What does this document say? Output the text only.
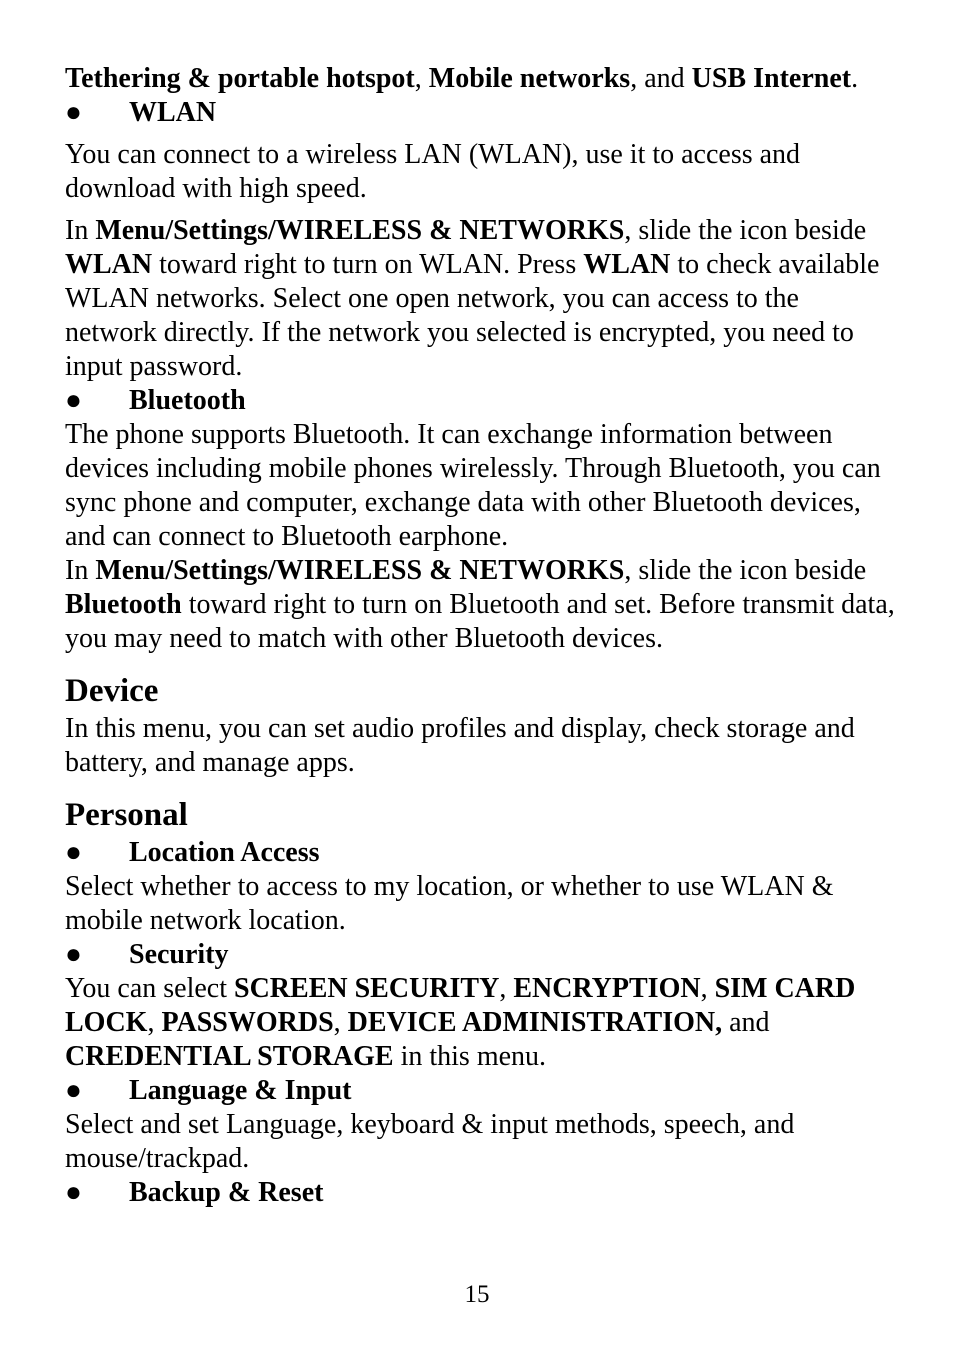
Tethering & portable hotspot, Mobile networks, and USB Internet.

● WLAN

You can connect to a wireless LAN (WLAN), use it to access and download with high speed.

In Menu/Settings/WIRELESS & NETWORKS, slide the icon beside WLAN toward right to turn on WLAN. Press WLAN to check available WLAN networks. Select one open network, you can access to the network directly. If the network you selected is encrypted, you need to input password.

● Bluetooth

The phone supports Bluetooth. It can exchange information between devices including mobile phones wirelessly. Through Bluetooth, you can sync phone and computer, exchange data with other Bluetooth devices, and can connect to Bluetooth earphone.

In Menu/Settings/WIRELESS & NETWORKS, slide the icon beside Bluetooth toward right to turn on Bluetooth and set. Before transmit data, you may need to match with other Bluetooth devices.

Device

In this menu, you can set audio profiles and display, check storage and battery, and manage apps.

Personal

● Location Access

Select whether to access to my location, or whether to use WLAN & mobile network location.

● Security

You can select SCREEN SECURITY, ENCRYPTION, SIM CARD LOCK, PASSWORDS, DEVICE ADMINISTRATION, and CREDENTIAL STORAGE in this menu.

● Language & Input

Select and set Language, keyboard & input methods, speech, and mouse/trackpad.

● Backup & Reset

15
